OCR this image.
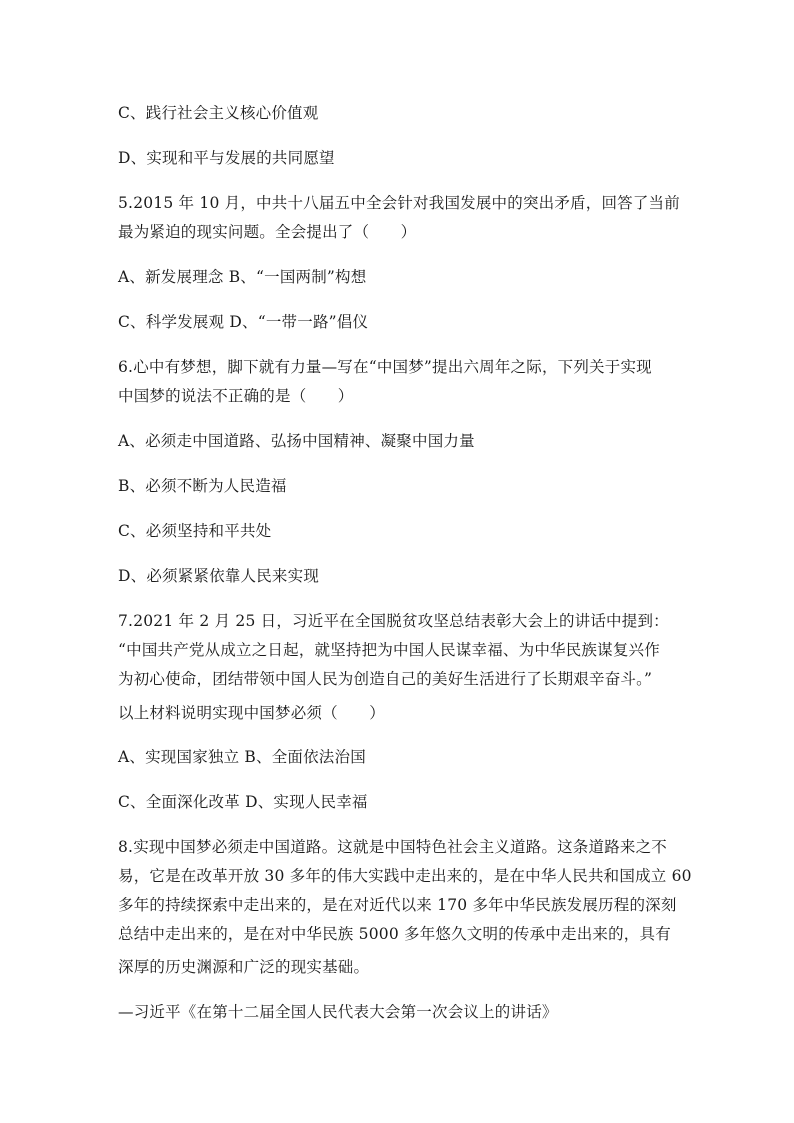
C、践行社会主义核心价值观
D、实现和平与发展的共同愿望
5.2015 年 10 月，中共十八届五中全会针对我国发展中的突出矛盾，回答了当前
最为紧迫的现实问题。全会提出了（　　）
A、新发展理念 B、“一国两制”构想
C、科学发展观 D、“一带一路”倡仪
6.心中有梦想，脚下就有力量—写在“中国梦”提出六周年之际，下列关于实现
中国梦的说法不正确的是（　　）
A、必须走中国道路、弘扬中国精神、凝聚中国力量
B、必须不断为人民造福
C、必须坚持和平共处
D、必须紧紧依靠人民来实现
7.2021 年 2 月 25 日，习近平在全国脱贫攻坚总结表彰大会上的讲话中提到：
“中国共产党从成立之日起，就坚持把为中国人民谋幸福、为中华民族谋复兴作
为初心使命，团结带领中国人民为创造自己的美好生活进行了长期艰辛奋斗。”
以上材料说明实现中国梦必须（　　）
A、实现国家独立 B、全面依法治国
C、全面深化改革 D、实现人民幸福
8.实现中国梦必须走中国道路。这就是中国特色社会主义道路。这条道路来之不
易，它是在改革开放 30 多年的伟大实践中走出来的，是在中华人民共和国成立 60
多年的持续探索中走出来的，是在对近代以来 170 多年中华民族发展历程的深刻
总结中走出来的，是在对中华民族 5000 多年悠久文明的传承中走出来的，具有
深厚的历史渊源和广泛的现实基础。
—习近平《在第十二届全国人民代表大会第一次会议上的讲话》
